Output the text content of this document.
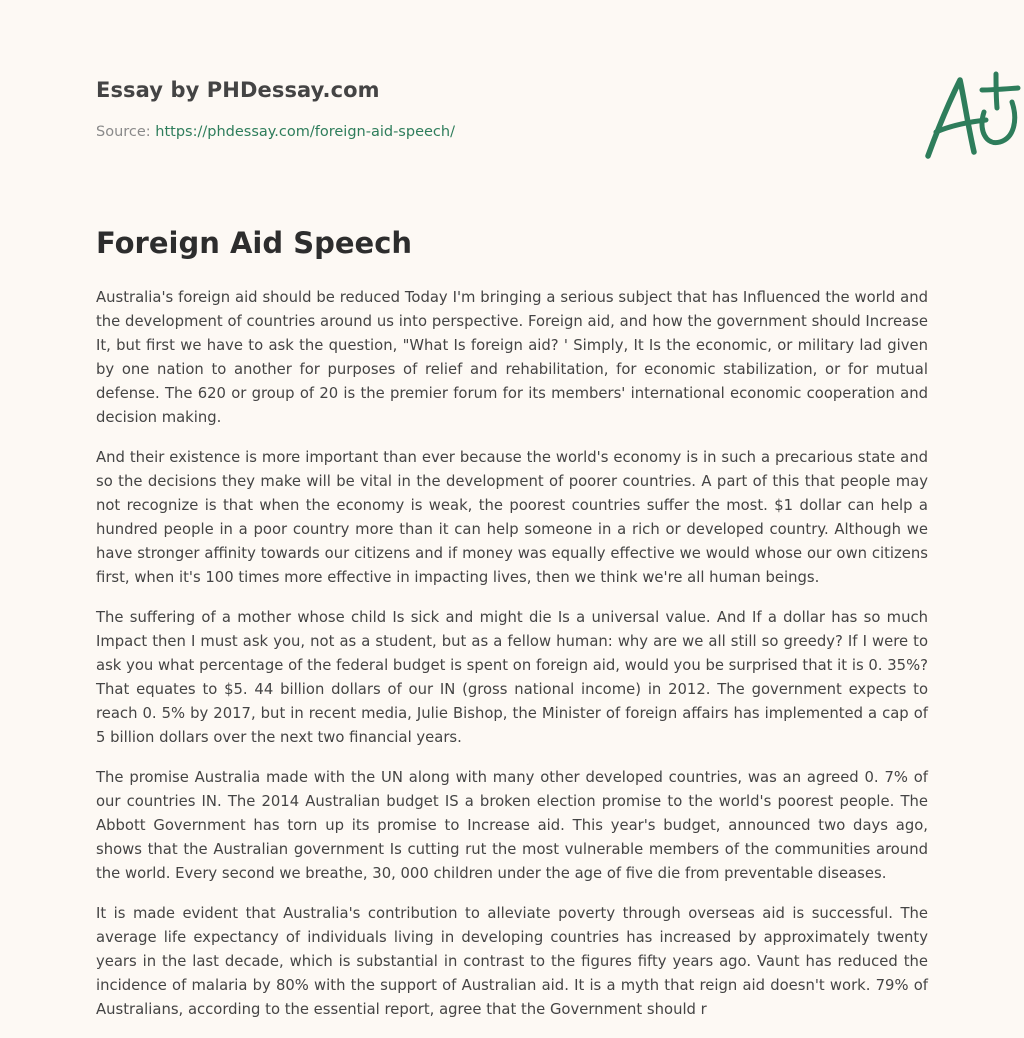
Essay by PHDessay.com
Source: https://phdessay.com/foreign-aid-speech/
Foreign Aid Speech

Australia's foreign aid should be reduced Today I'm bringing a serious subject that has Influenced the world and the development of countries around us into perspective. Foreign aid, and how the government should Increase It, but first we have to ask the question, "What Is foreign aid? ' Simply, It Is the economic, or military lad given by one nation to another for purposes of relief and rehabilitation, for economic stabilization, or for mutual defense. The 620 or group of 20 is the premier forum for its members' international economic cooperation and decision making.

And their existence is more important than ever because the world's economy is in such a precarious state and so the decisions they make will be vital in the development of poorer countries. A part of this that people may not recognize is that when the economy is weak, the poorest countries suffer the most. $1 dollar can help a hundred people in a poor country more than it can help someone in a rich or developed country. Although we have stronger affinity towards our citizens and if money was equally effective we would whose our own citizens first, when it's 100 times more effective in impacting lives, then we think we're all human beings.

The suffering of a mother whose child Is sick and might die Is a universal value. And If a dollar has so much Impact then I must ask you, not as a student, but as a fellow human: why are we all still so greedy? If I were to ask you what percentage of the federal budget is spent on foreign aid, would you be surprised that it is 0. 35%? That equates to $5. 44 billion dollars of our IN (gross national income) in 2012. The government expects to reach 0. 5% by 2017, but in recent media, Julie Bishop, the Minister of foreign affairs has implemented a cap of 5 billion dollars over the next two financial years.

The promise Australia made with the UN along with many other developed countries, was an agreed 0. 7% of our countries IN. The 2014 Australian budget IS a broken election promise to the world's poorest people. The Abbott Government has torn up its promise to Increase aid. This year's budget, announced two days ago, shows that the Australian government Is cutting rut the most vulnerable members of the communities around the world. Every second we breathe, 30, 000 children under the age of five die from preventable diseases.

It is made evident that Australia's contribution to alleviate poverty through overseas aid is successful. The average life expectancy of individuals living in developing countries has increased by approximately twenty years in the last decade, which is substantial in contrast to the figures fifty years ago. Vaunt has reduced the incidence of malaria by 80% with the support of Australian aid. It is a myth that reign aid doesn't work. 79% of Australians, according to the essential report, agree that the Government should r
